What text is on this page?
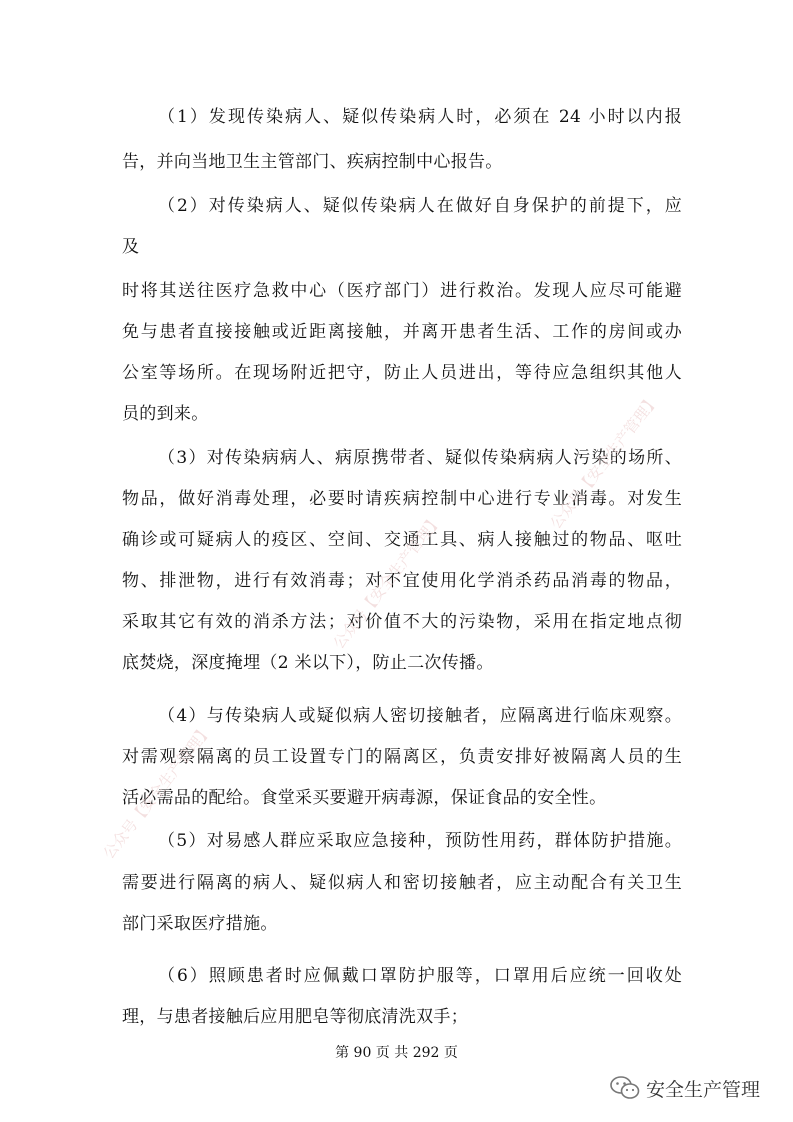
（1）发现传染病人、疑似传染病人时，必须在 24 小时以内报
告，并向当地卫生主管部门、疾病控制中心报告。
（2）对传染病人、疑似传染病人在做好自身保护的前提下，应
及
时将其送往医疗急救中心（医疗部门）进行救治。发现人应尽可能避
免与患者直接接触或近距离接触，并离开患者生活、工作的房间或办
公室等场所。在现场附近把守，防止人员进出，等待应急组织其他人
员的到来。
（3）对传染病病人、病原携带者、疑似传染病病人污染的场所、
物品，做好消毒处理，必要时请疾病控制中心进行专业消毒。对发生
确诊或可疑病人的疫区、空间、交通工具、病人接触过的物品、呕吐
物、排泄物，进行有效消毒；对不宜使用化学消杀药品消毒的物品，
采取其它有效的消杀方法；对价值不大的污染物，采用在指定地点彻
底焚烧，深度掩埋（2 米以下），防止二次传播。
（4）与传染病人或疑似病人密切接触者，应隔离进行临床观察。
对需观察隔离的员工设置专门的隔离区，负责安排好被隔离人员的生
活必需品的配给。食堂采买要避开病毒源，保证食品的安全性。
（5）对易感人群应采取应急接种，预防性用药，群体防护措施。
需要进行隔离的病人、疑似病人和密切接触者，应主动配合有关卫生
部门采取医疗措施。
（6）照顾患者时应佩戴口罩防护服等，口罩用后应统一回收处
理，与患者接触后应用肥皂等彻底清洗双手；
公众号【安全生产管理】
公众号【安全生产管理】
公众号【安全生产管理】
第 90 页 共 292 页
安全生产管理
